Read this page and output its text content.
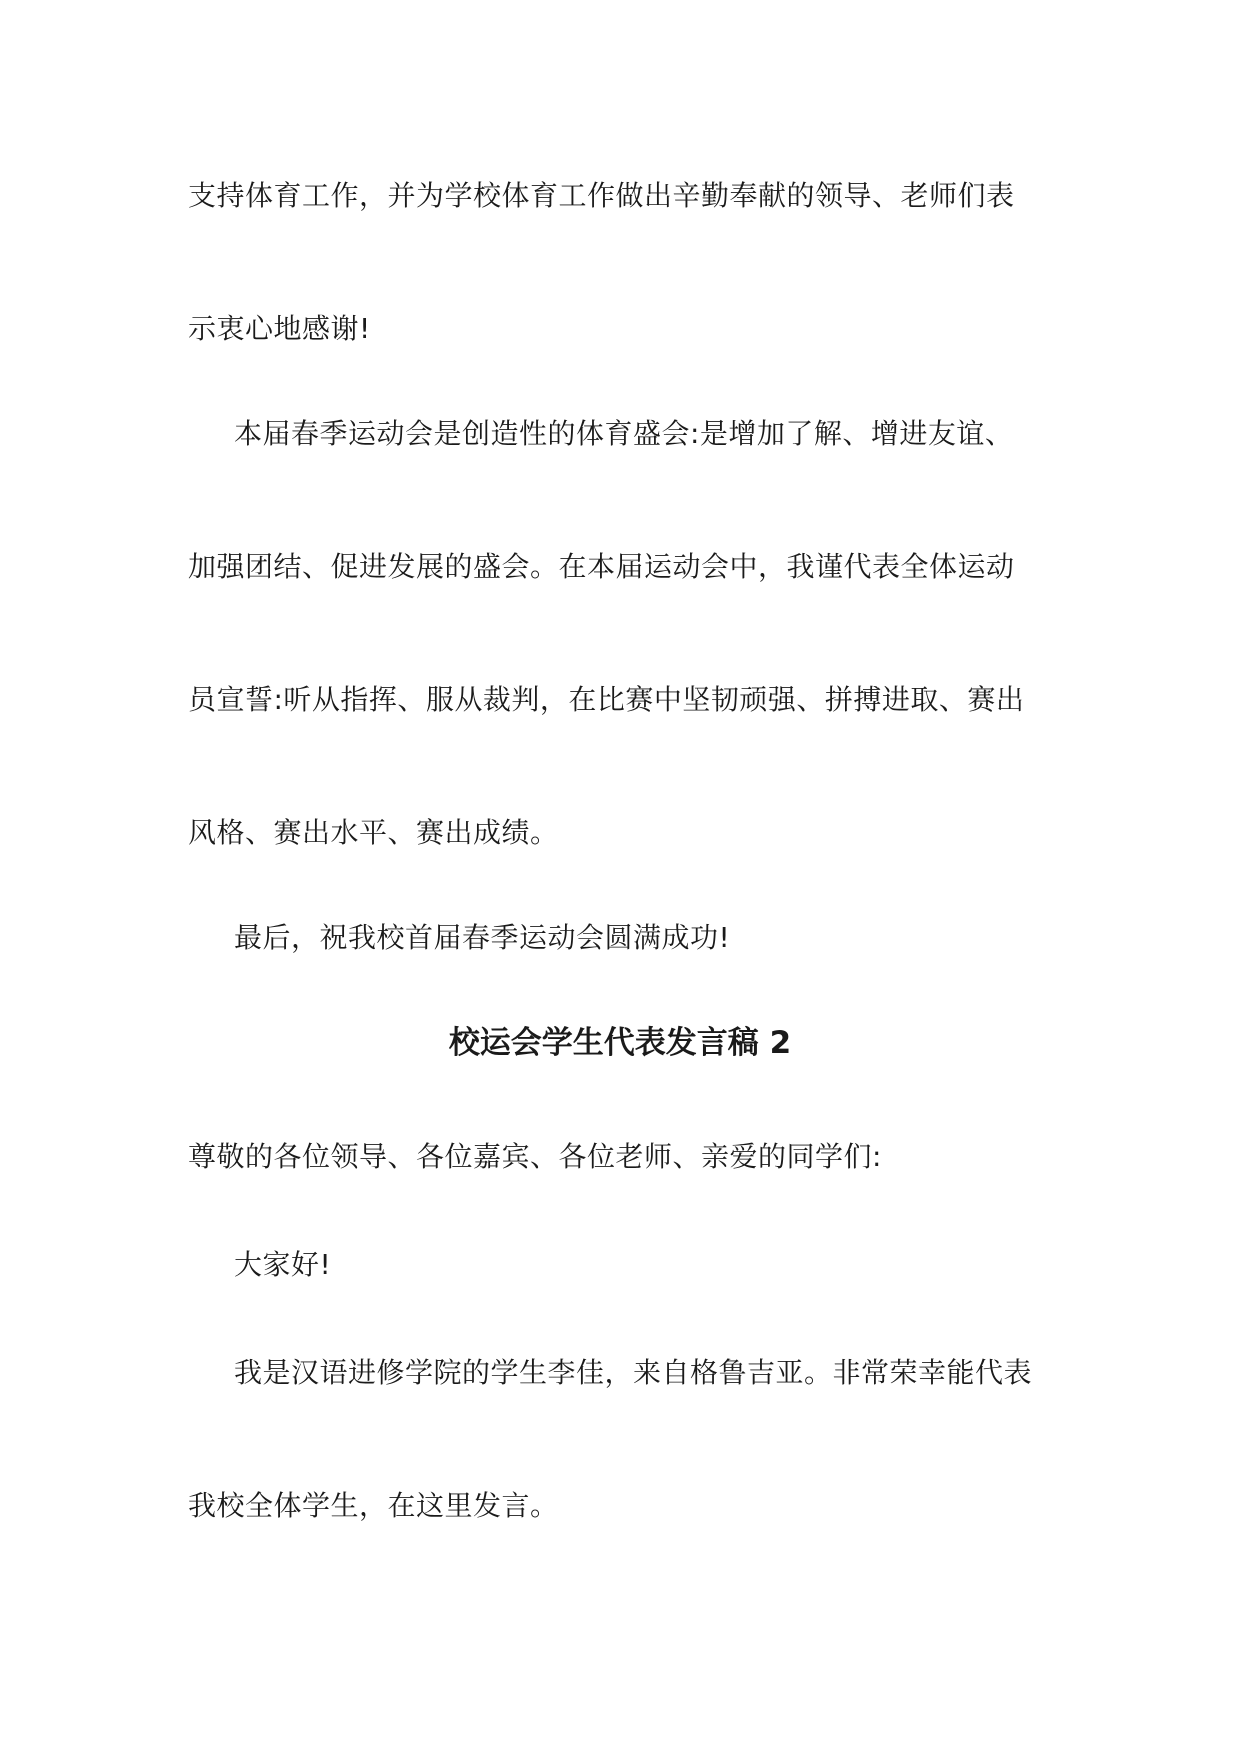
支持体育工作，并为学校体育工作做出辛勤奉献的领导、老师们表
示衷心地感谢!
本届春季运动会是创造性的体育盛会:是增加了解、增进友谊、
加强团结、促进发展的盛会。在本届运动会中，我谨代表全体运动
员宣誓:听从指挥、服从裁判，在比赛中坚韧顽强、拼搏进取、赛出
风格、赛出水平、赛出成绩。
最后，祝我校首届春季运动会圆满成功!
校运会学生代表发言稿 2
尊敬的各位领导、各位嘉宾、各位老师、亲爱的同学们:
大家好!
我是汉语进修学院的学生李佳，来自格鲁吉亚。非常荣幸能代表
我校全体学生，在这里发言。
